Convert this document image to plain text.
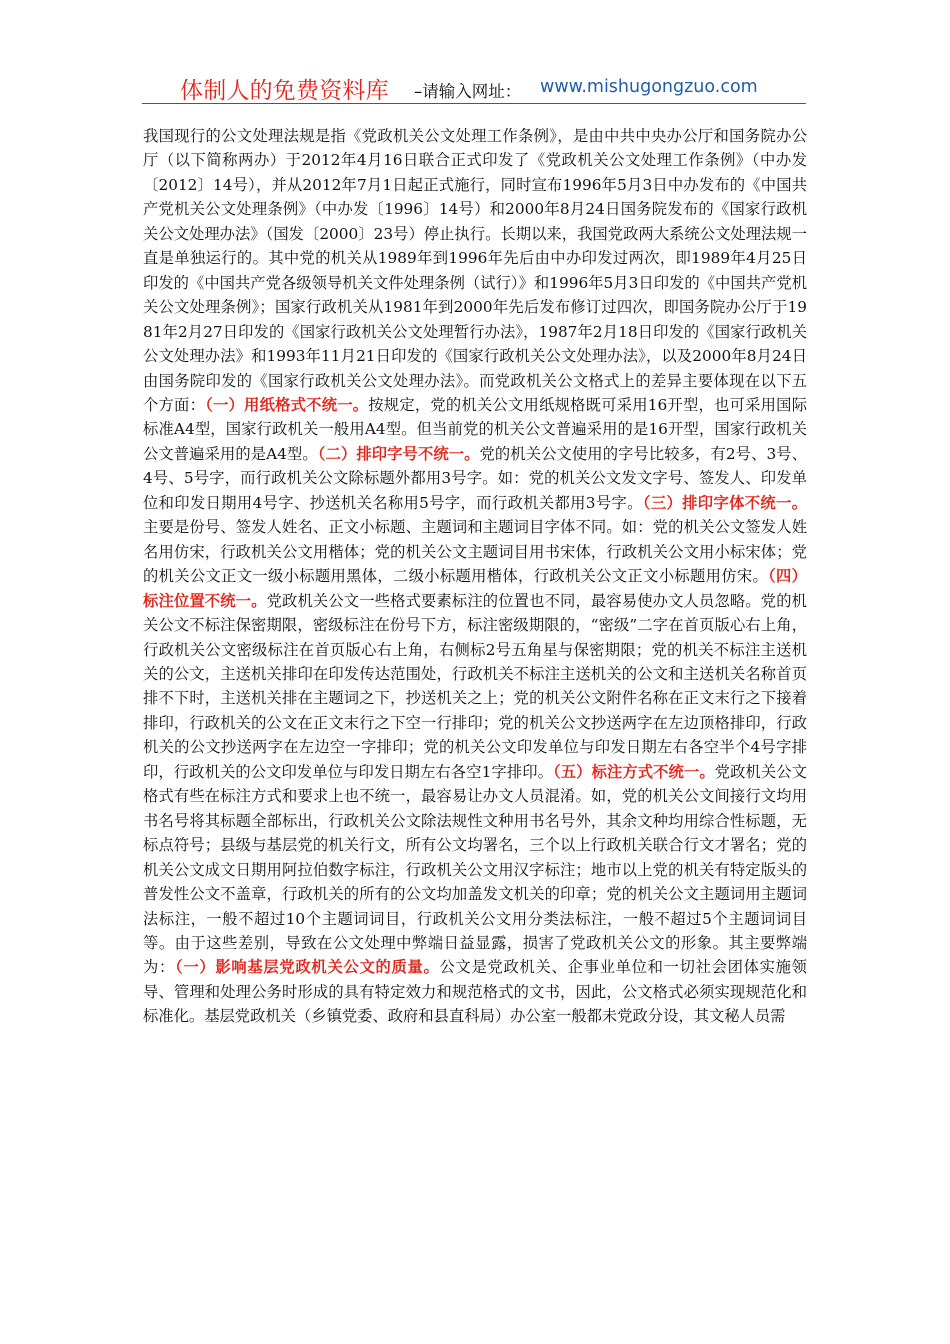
体制人的免费资料库 –请输入网址： www.mishugongzuo.com
我国现行的公文处理法规是指《党政机关公文处理工作条例》，是由中共中央办公厅和国务院办公厅（以下简称两办）于2012年4月16日联合正式印发了《党政机关公文处理工作条例》（中办发〔2012〕14号），并从2012年7月1日起正式施行，同时宣布1996年5月3日中办发布的《中国共产党机关公文处理条例》（中办发〔1996〕14号）和2000年8月24日国务院发布的《国家行政机关公文处理办法》（国发〔2000〕23号）停止执行。长期以来，我国党政两大系统公文处理法规一直是单独运行的。其中党的机关从1989年到1996年先后由中办印发过两次，即1989年4月25日印发的《中国共产党各级领导机关文件处理条例（试行）》和1996年5月3日印发的《中国共产党机关公文处理条例》；国家行政机关从1981年到2000年先后发布修订过四次，即国务院办公厅于1981年2月27日印发的《国家行政机关公文处理暂行办法》，1987年2月18日印发的《国家行政机关公文处理办法》和1993年11月21日印发的《国家行政机关公文处理办法》，以及2000年8月24日由国务院印发的《国家行政机关公文处理办法》。而党政机关公文格式上的差异主要体现在以下五个方面：（一）用纸格式不统一。按规定，党的机关公文用纸规格既可采用16开型，也可采用国际标准A4型，国家行政机关一般用A4型。但当前党的机关公文普遍采用的是16开型，国家行政机关公文普遍采用的是A4型。（二）排印字号不统一。党的机关公文使用的字号比较多，有2号、3号、4号、5号字，而行政机关公文除标题外都用3号字。如：党的机关公文发文字号、签发人、印发单位和印发日期用4号字、抄送机关名称用5号字，而行政机关都用3号字。（三）排印字体不统一。主要是份号、签发人姓名、正文小标题、主题词和主题词目字体不同。如：党的机关公文签发人姓名用仿宋，行政机关公文用楷体；党的机关公文主题词目用书宋体，行政机关公文用小标宋体；党的机关公文正文一级小标题用黑体，二级小标题用楷体，行政机关公文正文小标题用仿宋。（四）标注位置不统一。党政机关公文一些格式要素标注的位置也不同，最容易使办文人员忽略。党的机关公文不标注保密期限，密级标注在份号下方，标注密级期限的，“密级”二字在首页版心右上角，行政机关公文密级标注在首页版心右上角，右侧标2号五角星与保密期限；党的机关不标注主送机关的公文，主送机关排印在印发传达范围处，行政机关不标注主送机关的公文和主送机关名称首页排不下时，主送机关排在主题词之下，抄送机关之上；党的机关公文附件名称在正文末行之下接着排印，行政机关的公文在正文末行之下空一行排印；党的机关公文抄送两字在左边顶格排印，行政机关的公文抄送两字在左边空一字排印；党的机关公文印发单位与印发日期左右各空半个4号字排印，行政机关的公文印发单位与印发日期左右各空1字排印。（五）标注方式不统一。党政机关公文格式有些在标注方式和要求上也不统一，最容易让办文人员混淆。如，党的机关公文间接行文均用书名号将其标题全部标出，行政机关公文除法规性文种用书名号外，其余文种均用综合性标题，无标点符号；县级与基层党的机关行文，所有公文均署名，三个以上行政机关联合行文才署名；党的机关公文成文日期用阿拉伯数字标注，行政机关公文用汉字标注；地市以上党的机关有特定版头的普发性公文不盖章，行政机关的所有的公文均加盖发文机关的印章；党的机关公文主题词用主题词法标注，一般不超过10个主题词词目，行政机关公文用分类法标注，一般不超过5个主题词词目等。由于这些差别，导致在公文处理中弊端日益显露，损害了党政机关公文的形象。其主要弊端为：（一）影响基层党政机关公文的质量。公文是党政机关、企事业单位和一切社会团体实施领导、管理和处理公务时形成的具有特定效力和规范格式的文书，因此，公文格式必须实现规范化和标准化。基层党政机关（乡镇党委、政府和县直科局）办公室一般都未党政分设，其文秘人员需
